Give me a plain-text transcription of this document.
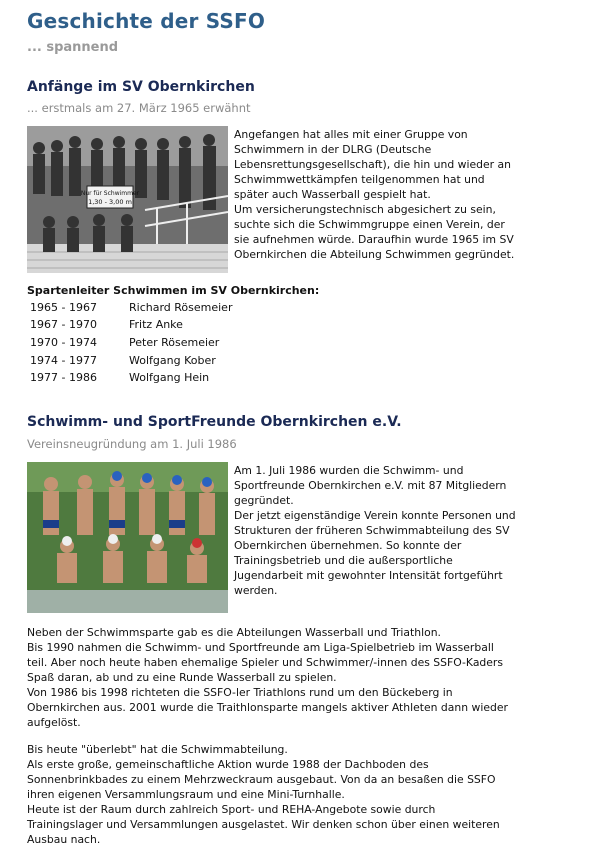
Geschichte der SSFO
... spannend
Anfänge im SV Obernkirchen
... erstmals am 27. März 1965 erwähnt
Nur für Schwimmer
1,30 - 3,00 m
Angefangen hat alles mit einer Gruppe von
Schwimmern in der DLRG (Deutsche
Lebensrettungsgesellschaft), die hin und wieder an
Schwimmwettkämpfen teilgenommen hat und
später auch Wasserball gespielt hat.
Um versicherungstechnisch abgesichert zu sein,
suchte sich die Schwimmgruppe einen Verein, der
sie aufnehmen würde. Daraufhin wurde 1965 im SV
Obernkirchen die Abteilung Schwimmen gegründet.
Spartenleiter Schwimmen im SV Obernkirchen:
1965 - 1967	Richard Rösemeier
1967 - 1970	Fritz Anke
1970 - 1974	Peter Rösemeier
1974 - 1977	Wolfgang Kober
1977 - 1986	Wolfgang Hein
Schwimm- und SportFreunde Obernkirchen e.V.
Vereinsneugründung am 1. Juli 1986
Am 1. Juli 1986 wurden die Schwimm- und
Sportfreunde Obernkirchen e.V. mit 87 Mitgliedern
gegründet.
Der jetzt eigenständige Verein konnte Personen und
Strukturen der früheren Schwimmabteilung des SV
Obernkirchen übernehmen. So konnte der
Trainingsbetrieb und die außersportliche
Jugendarbeit mit gewohnter Intensität fortgeführt
werden.
Neben der Schwimmsparte gab es die Abteilungen Wasserball und Triathlon.
Bis 1990 nahmen die Schwimm- und Sportfreunde am Liga-Spielbetrieb im Wasserball
teil. Aber noch heute haben ehemalige Spieler und Schwimmer/-innen des SSFO-Kaders
Spaß daran, ab und zu eine Runde Wasserball zu spielen.
Von 1986 bis 1998 richteten die SSFO-ler Triathlons rund um den Bückeberg in
Obernkirchen aus. 2001 wurde die Traithlonsparte mangels aktiver Athleten dann wieder
aufgelöst.
Bis heute "überlebt" hat die Schwimmabteilung.
Als erste große, gemeinschaftliche Aktion wurde 1988 der Dachboden des
Sonnenbrinkbades zu einem Mehrzweckraum ausgebaut. Von da an besaßen die SSFO
ihren eigenen Versammlungsraum und eine Mini-Turnhalle.
Heute ist der Raum durch zahlreich Sport- und REHA-Angebote sowie durch
Trainingslager und Versammlungen ausgelastet. Wir denken schon über einen weiteren
Ausbau nach.
